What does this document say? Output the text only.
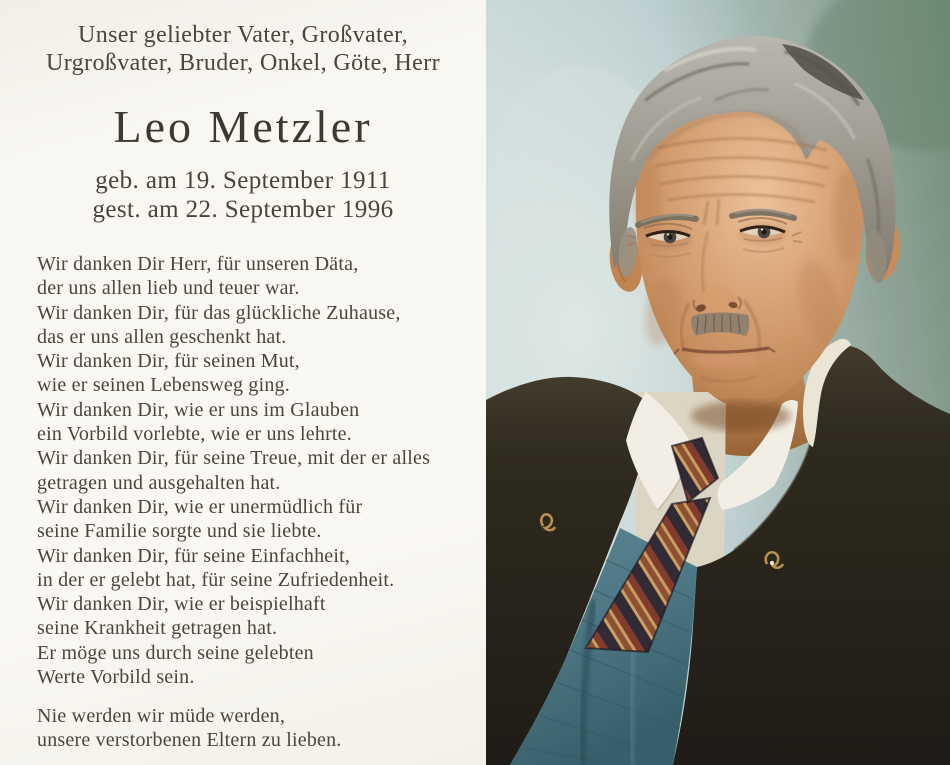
Unser geliebter Vater, Großvater,
Urgroßvater, Bruder, Onkel, Göte, Herr
Leo Metzler
geb. am 19. September 1911
gest. am 22. September 1996
Wir danken Dir Herr, für unseren Däta,
der uns allen lieb und teuer war.
Wir danken Dir, für das glückliche Zuhause,
das er uns allen geschenkt hat.
Wir danken Dir, für seinen Mut,
wie er seinen Lebensweg ging.
Wir danken Dir, wie er uns im Glauben
ein Vorbild vorlebte, wie er uns lehrte.
Wir danken Dir, für seine Treue, mit der er alles
getragen und ausgehalten hat.
Wir danken Dir, wie er unermüdlich für
seine Familie sorgte und sie liebte.
Wir danken Dir, für seine Einfachheit,
in der er gelebt hat, für seine Zufriedenheit.
Wir danken Dir, wie er beispielhaft
seine Krankheit getragen hat.
Er möge uns durch seine gelebten
Werte Vorbild sein.
Nie werden wir müde werden,
unsere verstorbenen Eltern zu lieben.
